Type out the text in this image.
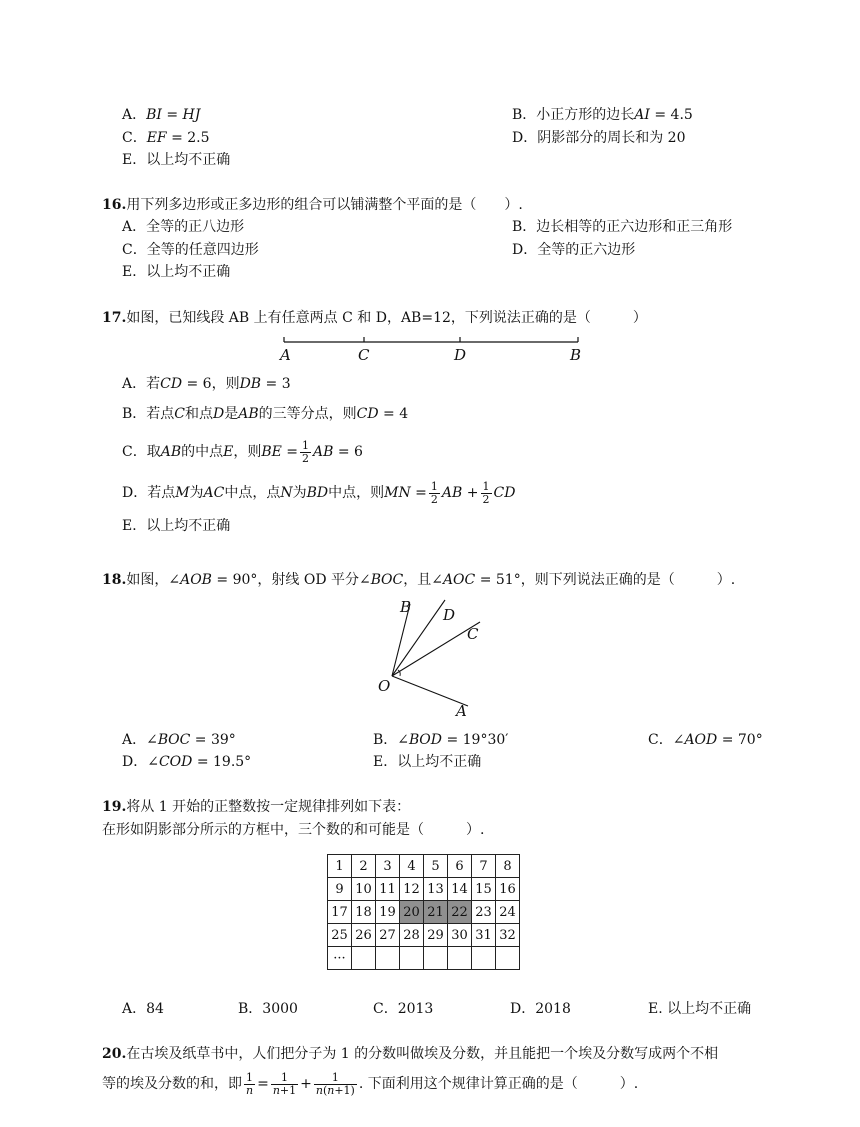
A．𝐵𝐼 = 𝐻𝐽	B．小正方形的边长𝐴𝐼 = 4.5
C．𝐸𝐹 = 2.5	D．阴影部分的周长和为 20
E．以上均不正确
16.用下列多边形或正多边形的组合可以铺满整个平面的是（　　）.
A．全等的正八边形	B．边长相等的正六边形和正三角形
C．全等的任意四边形	D．全等的正六边形
E．以上均不正确
17.如图，已知线段 AB 上有任意两点 C 和 D，AB=12，下列说法正确的是（　　　）
A	C	D	B
A．若𝐶𝐷 = 6，则𝐷𝐵 = 3
B．若点𝐶和点𝐷是𝐴𝐵的三等分点，则𝐶𝐷 = 4
C．取𝐴𝐵的中点𝐸，则𝐵𝐸 = $\frac{1}{2}$ 𝐴𝐵 = 6
D．若点𝑀为𝐴𝐶中点，点𝑁为𝐵𝐷中点，则𝑀𝑁 = $\frac{1}{2}$ 𝐴𝐵 + $\frac{1}{2}$ 𝐶𝐷
E．以上均不正确
18.如图，∠𝐴𝑂𝐵 = 90°，射线 OD 平分∠𝐵𝑂𝐶，且∠𝐴𝑂𝐶 = 51°，则下列说法正确的是（　　　）.
B D
C
O
A
A．∠𝐵𝑂𝐶 = 39°	B．∠𝐵𝑂𝐷 = 19°30′	C．∠𝐴𝑂𝐷 = 70°
D．∠𝐶𝑂𝐷 = 19.5°	E．以上均不正确
19.将从 1 开始的正整数按一定规律排列如下表：
在形如阴影部分所示的方框中，三个数的和可能是（　　　）.
1	2	3	4	5	6	7	8
9	10	11	12	13	14	15	16
17	18	19	20	21	22	23	24
25	26	27	28	29	30	31	32
···							
A．84	B．3000	C．2013	D．2018	E. 以上均不正确
20.在古埃及纸草书中，人们把分子为 1 的分数叫做埃及分数，并且能把一个埃及分数写成两个不相
等的埃及分数的和，即 $\frac{1}{\text{𝑛}} = \frac{1}{\text{𝑛+1}} + \frac{1}{\text{𝑛(𝑛+1)}}$ . 下面利用这个规律计算正确的是（　　　）.
